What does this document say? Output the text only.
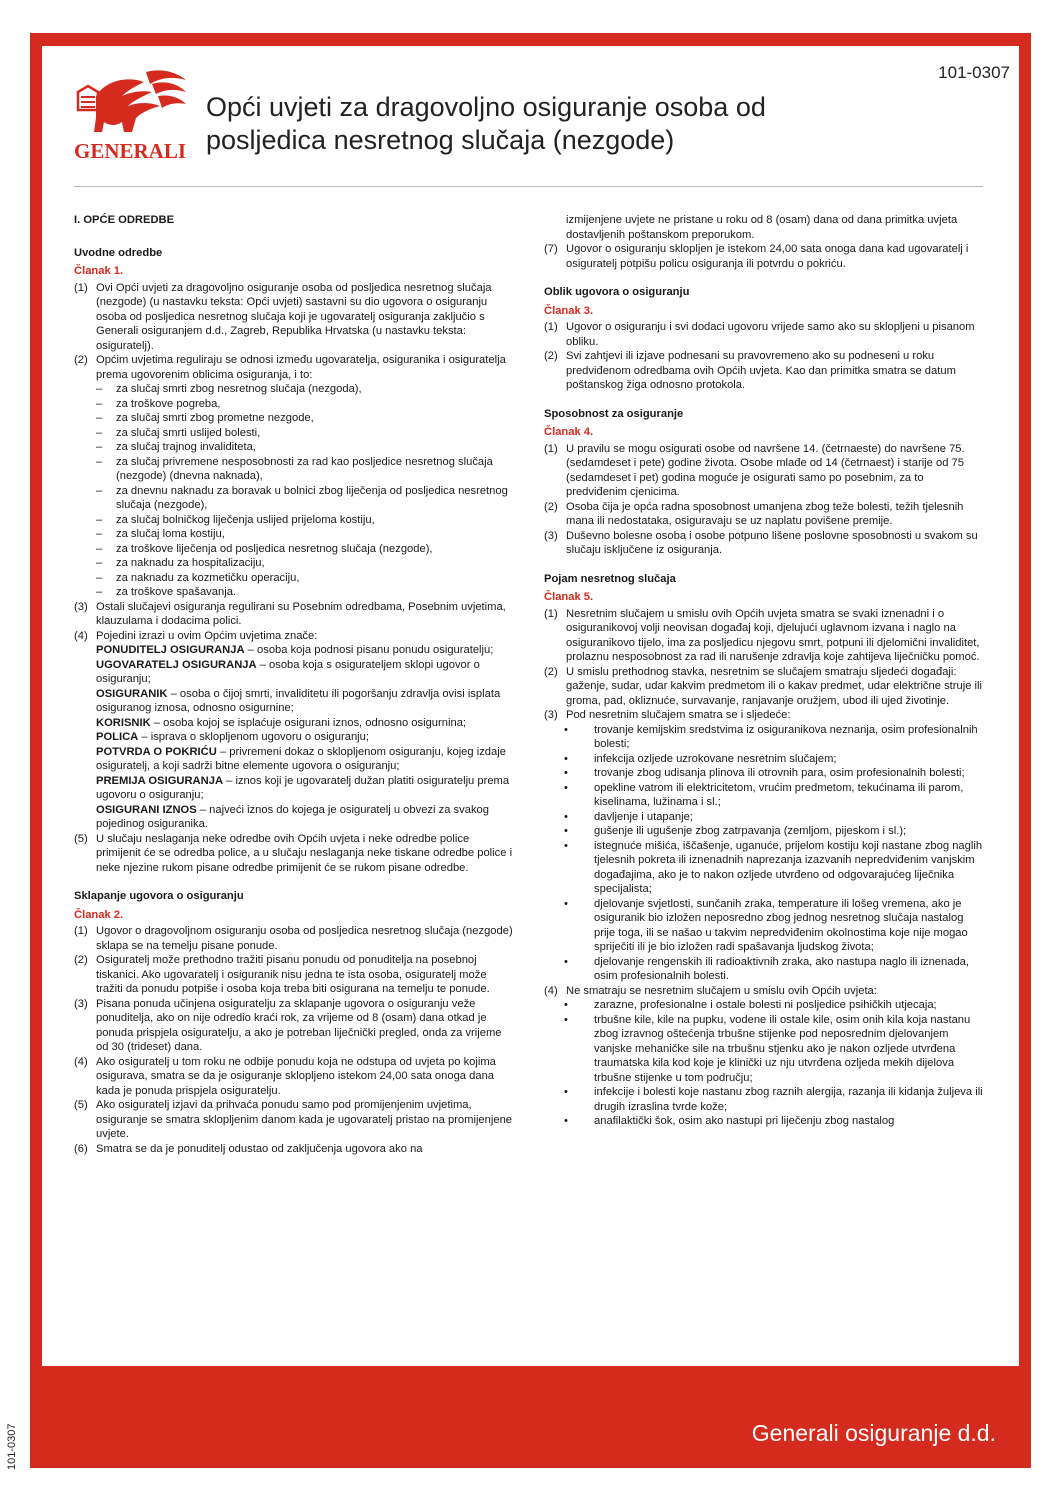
101-0307
GENERALI
Opći uvjeti za dragovoljno osiguranje osoba od
posljedica nesretnog slučaja (nezgode)
I. OPĆE ODREDBE
Uvodne odredbe
Članak 1.
(1) Ovi Opći uvjeti za dragovoljno osiguranje osoba od posljedica nesretnog slučaja (nezgode) (u nastavku teksta: Opći uvjeti) sastavni su dio ugovora o osiguranju osoba od posljedica nesretnog slučaja koji je ugovaratelj osiguranja zaključio s Generali osiguranjem d.d., Zagreb, Republika Hrvatska (u nastavku teksta: osiguratelj).
(2) Općim uvjetima reguliraju se odnosi između ugovaratelja, osiguranika i osiguratelja prema ugovorenim oblicima osiguranja, i to:
–	za slučaj smrti zbog nesretnog slučaja (nezgoda),
–	za troškove pogreba,
–	za slučaj smrti zbog prometne nezgode,
–	za slučaj smrti uslijed bolesti,
–	za slučaj trajnog invaliditeta,
–	za slučaj privremene nesposobnosti za rad kao posljedice nesretnog slučaja (nezgode) (dnevna naknada),
–	za dnevnu naknadu za boravak u bolnici zbog liječenja od posljedica nesretnog slučaja (nezgode),
–	za slučaj bolničkog liječenja uslijed prijeloma kostiju,
–	za slučaj loma kostiju,
–	za troškove liječenja od posljedica nesretnog slučaja (nezgode),
–	za naknadu za hospitalizaciju,
–	za naknadu za kozmetičku operaciju,
–	za troškove spašavanja.
(3) Ostali slučajevi osiguranja regulirani su Posebnim odredbama, Posebnim uvjetima, klauzulama i dodacima polici.
(4) Pojedini izrazi u ovim Općim uvjetima znače:
PONUDITELJ OSIGURANJA – osoba koja podnosi pisanu ponudu osiguratelju;
UGOVARATELJ OSIGURANJA – osoba koja s osigurateljem sklopi ugovor o osiguranju;
OSIGURANIK – osoba o čijoj smrti, invaliditetu ili pogoršanju zdravlja ovisi isplata osiguranog iznosa, odnosno osigurnine;
KORISNIK – osoba kojoj se isplaćuje osigurani iznos, odnosno osigurnina;
POLICA – isprava o sklopljenom ugovoru o osiguranju;
POTVRDA O POKRIĆU – privremeni dokaz o sklopljenom osiguranju, kojeg izdaje osiguratelj, a koji sadrži bitne elemente ugovora o osiguranju;
PREMIJA OSIGURANJA – iznos koji je ugovaratelj dužan platiti osiguratelju prema ugovoru o osiguranju;
OSIGURANI IZNOS – najveći iznos do kojega je osiguratelj u obvezi za svakog pojedinog osiguranika.
(5) U slučaju neslaganja neke odredbe ovih Općih uvjeta i neke odredbe police primijenit će se odredba police, a u slučaju neslaganja neke tiskane odredbe police i neke njezine rukom pisane odredbe primijenit će se rukom pisane odredbe.
Sklapanje ugovora o osiguranju
Članak 2.
(1) Ugovor o dragovoljnom osiguranju osoba od posljedica nesretnog slučaja (nezgode) sklapa se na temelju pisane ponude.
(2) Osiguratelj može prethodno tražiti pisanu ponudu od ponuditelja na posebnoj tiskanici. Ako ugovaratelj i osiguranik nisu jedna te ista osoba, osiguratelj može tražiti da ponudu potpiše i osoba koja treba biti osigurana na temelju te ponude.
(3) Pisana ponuda učinjena osiguratelju za sklapanje ugovora o osiguranju veže ponuditelja, ako on nije odredio kraći rok, za vrijeme od 8 (osam) dana otkad je ponuda prispjela osiguratelju, a ako je potreban liječnički pregled, onda za vrijeme od 30 (trideset) dana.
(4) Ako osiguratelj u tom roku ne odbije ponudu koja ne odstupa od uvjeta po kojima osigurava, smatra se da je osiguranje sklopljeno istekom 24,00 sata onoga dana kada je ponuda prispjela osiguratelju.
(5) Ako osiguratelj izjavi da prihvaća ponudu samo pod promijenjenim uvjetima, osiguranje se smatra sklopljenim danom kada je ugovaratelj pristao na promijenjene uvjete.
(6) Smatra se da je ponuditelj odustao od zaključenja ugovora ako na
izmijenjene uvjete ne pristane u roku od 8 (osam) dana od dana primitka uvjeta dostavljenih poštanskom preporukom.
(7) Ugovor o osiguranju sklopljen je istekom 24,00 sata onoga dana kad ugovaratelj i osiguratelj potpišu policu osiguranja ili potvrdu o pokriću.
Oblik ugovora o osiguranju
Članak 3.
(1) Ugovor o osiguranju i svi dodaci ugovoru vrijede samo ako su sklopljeni u pisanom obliku.
(2) Svi zahtjevi ili izjave podnesani su pravovremeno ako su podneseni u roku predviđenom odredbama ovih Općih uvjeta. Kao dan primitka smatra se datum poštanskog žiga odnosno protokola.
Sposobnost za osiguranje
Članak 4.
(1) U pravilu se mogu osigurati osobe od navršene 14. (četrnaeste) do navršene 75. (sedamdeset i pete) godine života. Osobe mlađe od 14 (četrnaest) i starije od 75 (sedamdeset i pet) godina moguće je osigurati samo po posebnim, za to predviđenim cjenicima.
(2) Osoba čija je opća radna sposobnost umanjena zbog teže bolesti, težih tjelesnih mana ili nedostataka, osiguravaju se uz naplatu povišene premije.
(3) Duševno bolesne osoba i osobe potpuno lišene poslovne sposobnosti u svakom su slučaju isključene iz osiguranja.
Pojam nesretnog slučaja
Članak 5.
(1) Nesretnim slučajem u smislu ovih Općih uvjeta smatra se svaki iznenadni i o osiguranikovoj volji neovisan događaj koji, djelujući uglavnom izvana i naglo na osiguranikovo tijelo, ima za posljedicu njegovu smrt, potpuni ili djelomični invaliditet, prolaznu nesposobnost za rad ili narušenje zdravlja koje zahtijeva liječničku pomoć.
(2) U smislu prethodnog stavka, nesretnim se slučajem smatraju sljedeći događaji: gaženje, sudar, udar kakvim predmetom ili o kakav predmet, udar električne struje ili groma, pad, okliznuće, survavanje, ranjavanje oružjem, ubod ili ujed životinje.
(3) Pod nesretnim slučajem smatra se i sljedeće:
•	trovanje kemijskim sredstvima iz osiguranikova neznanja, osim profesionalnih bolesti;
•	infekcija ozljede uzrokovane nesretnim slučajem;
•	trovanje zbog udisanja plinova ili otrovnih para, osim profesionalnih bolesti;
•	opekline vatrom ili elektricitetom, vrućim predmetom, tekućinama ili parom, kiselinama, lužinama i sl.;
•	davljenje i utapanje;
•	gušenje ili ugušenje zbog zatrpavanja (zemljom, pijeskom i sl.);
•	istegnuće mišića, iščašenje, uganuće, prijelom kostiju koji nastane zbog naglih tjelesnih pokreta ili iznenadnih naprezanja izazvanih nepredviđenim vanjskim događajima, ako je to nakon ozljede utvrđeno od odgovarajućeg liječnika specijalista;
•	djelovanje svjetlosti, sunčanih zraka, temperature ili lošeg vremena, ako je osiguranik bio izložen neposredno zbog jednog nesretnog slučaja nastalog prije toga, ili se našao u takvim nepredviđenim okolnostima koje nije mogao spriječiti ili je bio izložen radi spašavanja ljudskog života;
•	djelovanje rengenskih ili radioaktivnih zraka, ako nastupa naglo ili iznenada, osim profesionalnih bolesti.
(4) Ne smatraju se nesretnim slučajem u smislu ovih Općih uvjeta:
•	zarazne, profesionalne i ostale bolesti ni posljedice psihičkih utjecaja;
•	trbušne kile, kile na pupku, vodene ili ostale kile, osim onih kila koja nastanu zbog izravnog oštećenja trbušne stijenke pod neposrednim djelovanjem vanjske mehaničke sile na trbušnu stjenku ako je nakon ozljede utvrđena traumatska kila kod koje je klinički uz nju utvrđena ozljeda mekih dijelova trbušne stijenke u tom području;
•	infekcije i bolesti koje nastanu zbog raznih alergija, razanja ili kidanja žuljeva ili drugih izraslina tvrde kože;
•	anafilaktički šok, osim ako nastupi pri liječenju zbog nastalog
Generali osiguranje d.d.
101-0307
